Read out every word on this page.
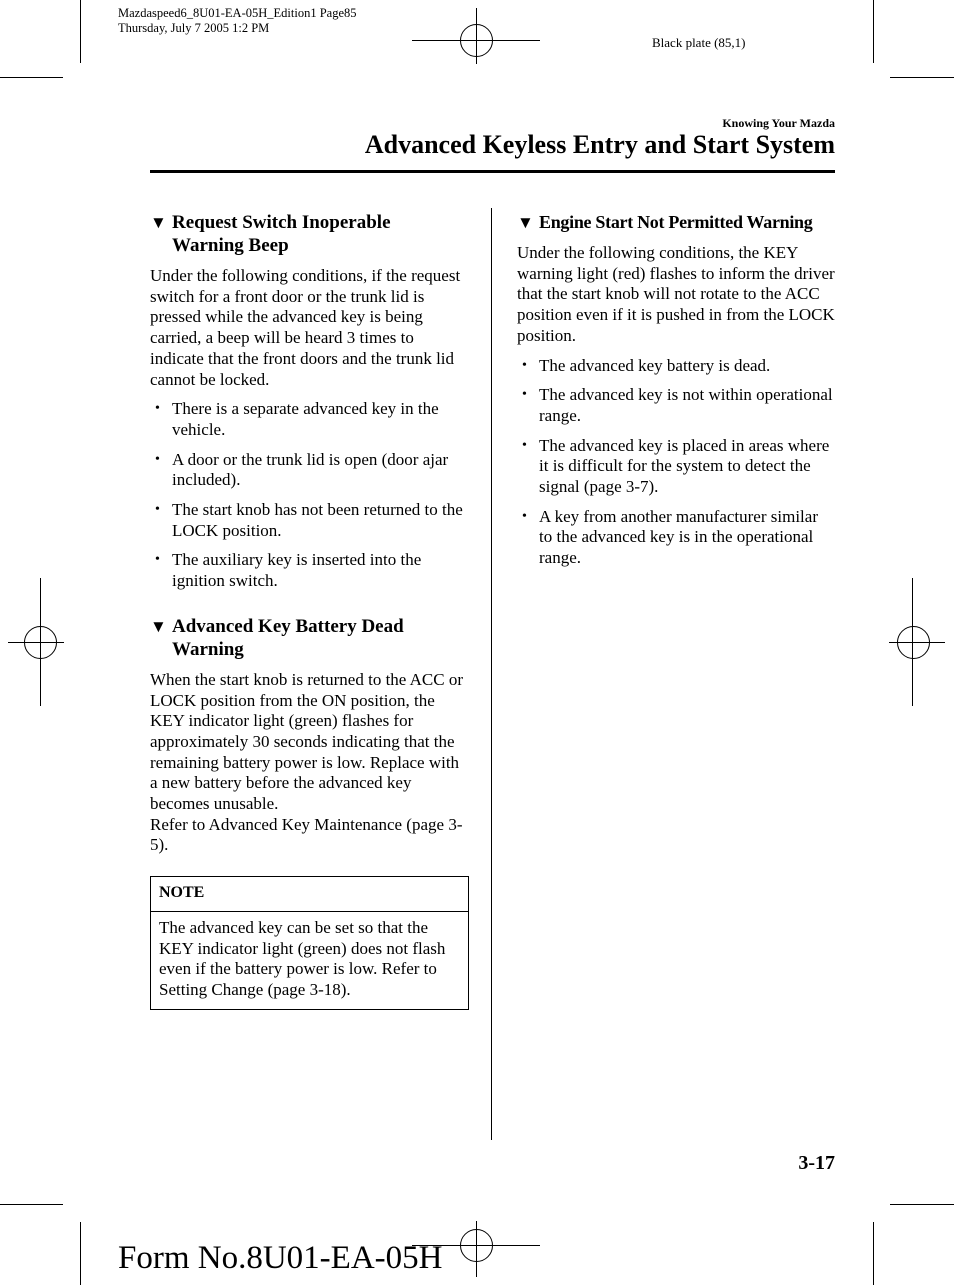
Mazdaspeed6_8U01-EA-05H_Edition1 Page85
Thursday, July 7 2005 1:2 PM
Black plate (85,1)
Knowing Your Mazda
Advanced Keyless Entry and Start System
▼ Request Switch Inoperable
Warning Beep

Under the following conditions, if the request switch for a front door or the trunk lid is pressed while the advanced key is being carried, a beep will be heard 3 times to indicate that the front doors and the trunk lid cannot be locked.

• There is a separate advanced key in the vehicle.
• A door or the trunk lid is open (door ajar included).
• The start knob has not been returned to the LOCK position.
• The auxiliary key is inserted into the ignition switch.
▼ Advanced Key Battery Dead
Warning

When the start knob is returned to the ACC or LOCK position from the ON position, the KEY indicator light (green) flashes for approximately 30 seconds indicating that the remaining battery power is low. Replace with a new battery before the advanced key becomes unusable.

Refer to Advanced Key Maintenance (page 3-5).

NOTE
The advanced key can be set so that the KEY indicator light (green) does not flash even if the battery power is low. Refer to Setting Change (page 3-18).
▼ Engine Start Not Permitted Warning

Under the following conditions, the KEY warning light (red) flashes to inform the driver that the start knob will not rotate to the ACC position even if it is pushed in from the LOCK position.

• The advanced key battery is dead.
• The advanced key is not within operational range.
• The advanced key is placed in areas where it is difficult for the system to detect the signal (page 3-7).
• A key from another manufacturer similar to the advanced key is in the operational range.
3-17
Form No.8U01-EA-05H
